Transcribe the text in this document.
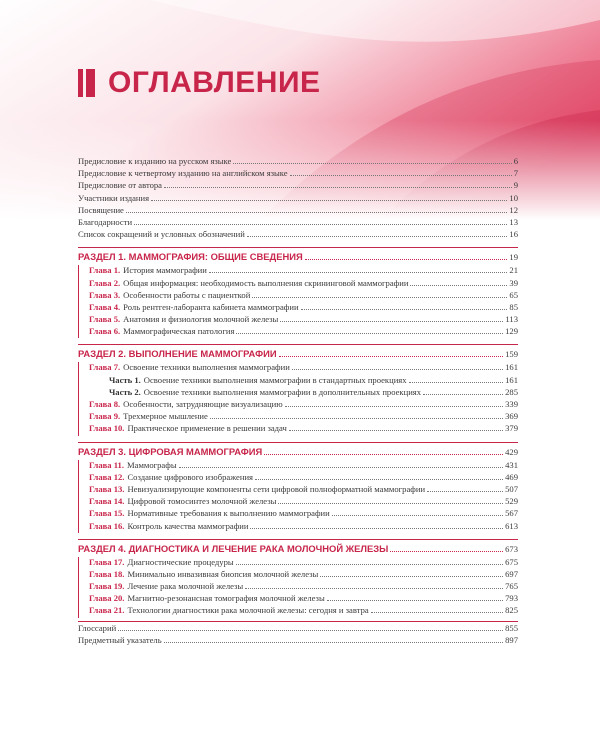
ОГЛАВЛЕНИЕ
Предисловие к изданию на русском языке	6
Предисловие к четвертому изданию на английском языке	7
Предисловие от автора	9
Участники издания	10
Посвящение	12
Благодарности	13
Список сокращений и условных обозначений	16
РАЗДЕЛ 1. МАММОГРАФИЯ: ОБЩИЕ СВЕДЕНИЯ	19
Глава 1. История маммографии	21
Глава 2. Общая информация: необходимость выполнения скрининговой маммографии	39
Глава 3. Особенности работы с пациенткой	65
Глава 4. Роль рентген-лаборанта кабинета маммографии	85
Глава 5. Анатомия и физиология молочной железы	113
Глава 6. Маммографическая патология	129
РАЗДЕЛ 2. ВЫПОЛНЕНИЕ МАММОГРАФИИ	159
Глава 7. Освоение техники выполнения маммографии	161
Часть 1. Освоение техники выполнения маммографии в стандартных проекциях	161
Часть 2. Освоение техники выполнения маммографии в дополнительных проекциях	285
Глава 8. Особенности, затрудняющие визуализацию	339
Глава 9. Трехмерное мышление	369
Глава 10. Практическое применение в решении задач	379
РАЗДЕЛ 3. ЦИФРОВАЯ МАММОГРАФИЯ	429
Глава 11. Маммографы	431
Глава 12. Создание цифрового изображения	469
Глава 13. Невизуализирующие компоненты сети цифровой полноформатной маммографии	507
Глава 14. Цифровой томосинтез молочной железы	529
Глава 15. Нормативные требования к выполнению маммографии	567
Глава 16. Контроль качества маммографии	613
РАЗДЕЛ 4. ДИАГНОСТИКА И ЛЕЧЕНИЕ РАКА МОЛОЧНОЙ ЖЕЛЕЗЫ	673
Глава 17. Диагностические процедуры	675
Глава 18. Минимально инвазивная биопсия молочной железы	697
Глава 19. Лечение рака молочной железы	765
Глава 20. Магнитно-резонансная томография молочной железы	793
Глава 21. Технологии диагностики рака молочной железы: сегодня и завтра	825
Глоссарий	855
Предметный указатель	897
